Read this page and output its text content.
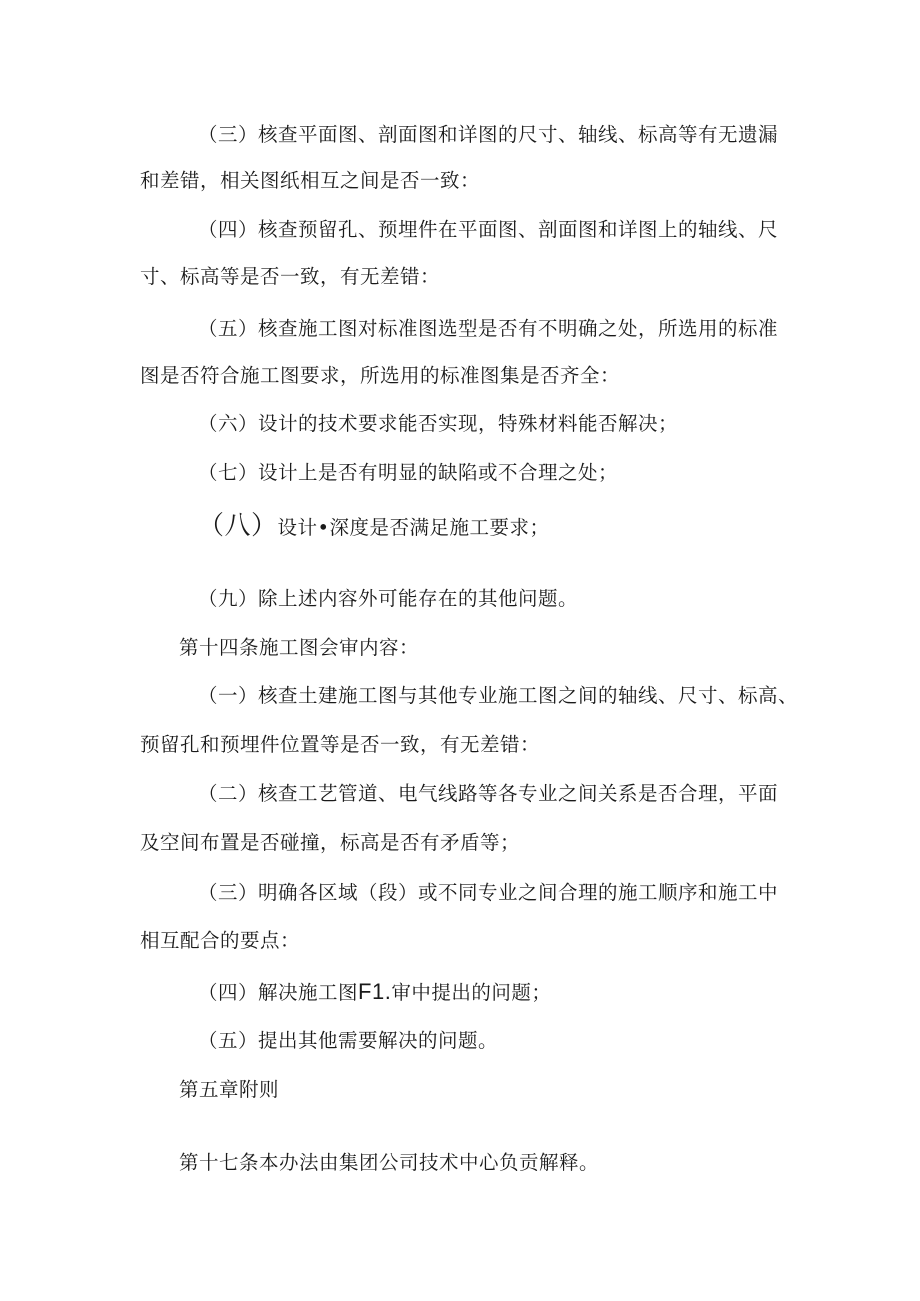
（三）核查平面图、剖面图和详图的尺寸、轴线、标高等有无遗漏
和差错，相关图纸相互之间是否一致：
（四）核查预留孔、预埋件在平面图、剖面图和详图上的轴线、尺
寸、标高等是否一致，有无差错：
（五）核查施工图对标准图选型是否有不明确之处，所选用的标准
图是否符合施工图要求，所选用的标准图集是否齐全：
（六）设计的技术要求能否实现，特殊材料能否解决；
（七）设计上是否有明显的缺陷或不合理之处；
（八）设计•深度是否满足施工要求；
（九）除上述内容外可能存在的其他问题。
第十四条施工图会审内容：
（一）核查土建施工图与其他专业施工图之间的轴线、尺寸、标高、
预留孔和预埋件位置等是否一致，有无差错：
（二）核查工艺管道、电气线路等各专业之间关系是否合理，平面
及空间布置是否碰撞，标高是否有矛盾等；
（三）明确各区域（段）或不同专业之间合理的施工顺序和施工中
相互配合的要点：
（四）解决施工图F1.审中提出的问题；
（五）提出其他需要解决的问题。
第五章附则
第十七条本办法由集团公司技术中心负贡解释。
